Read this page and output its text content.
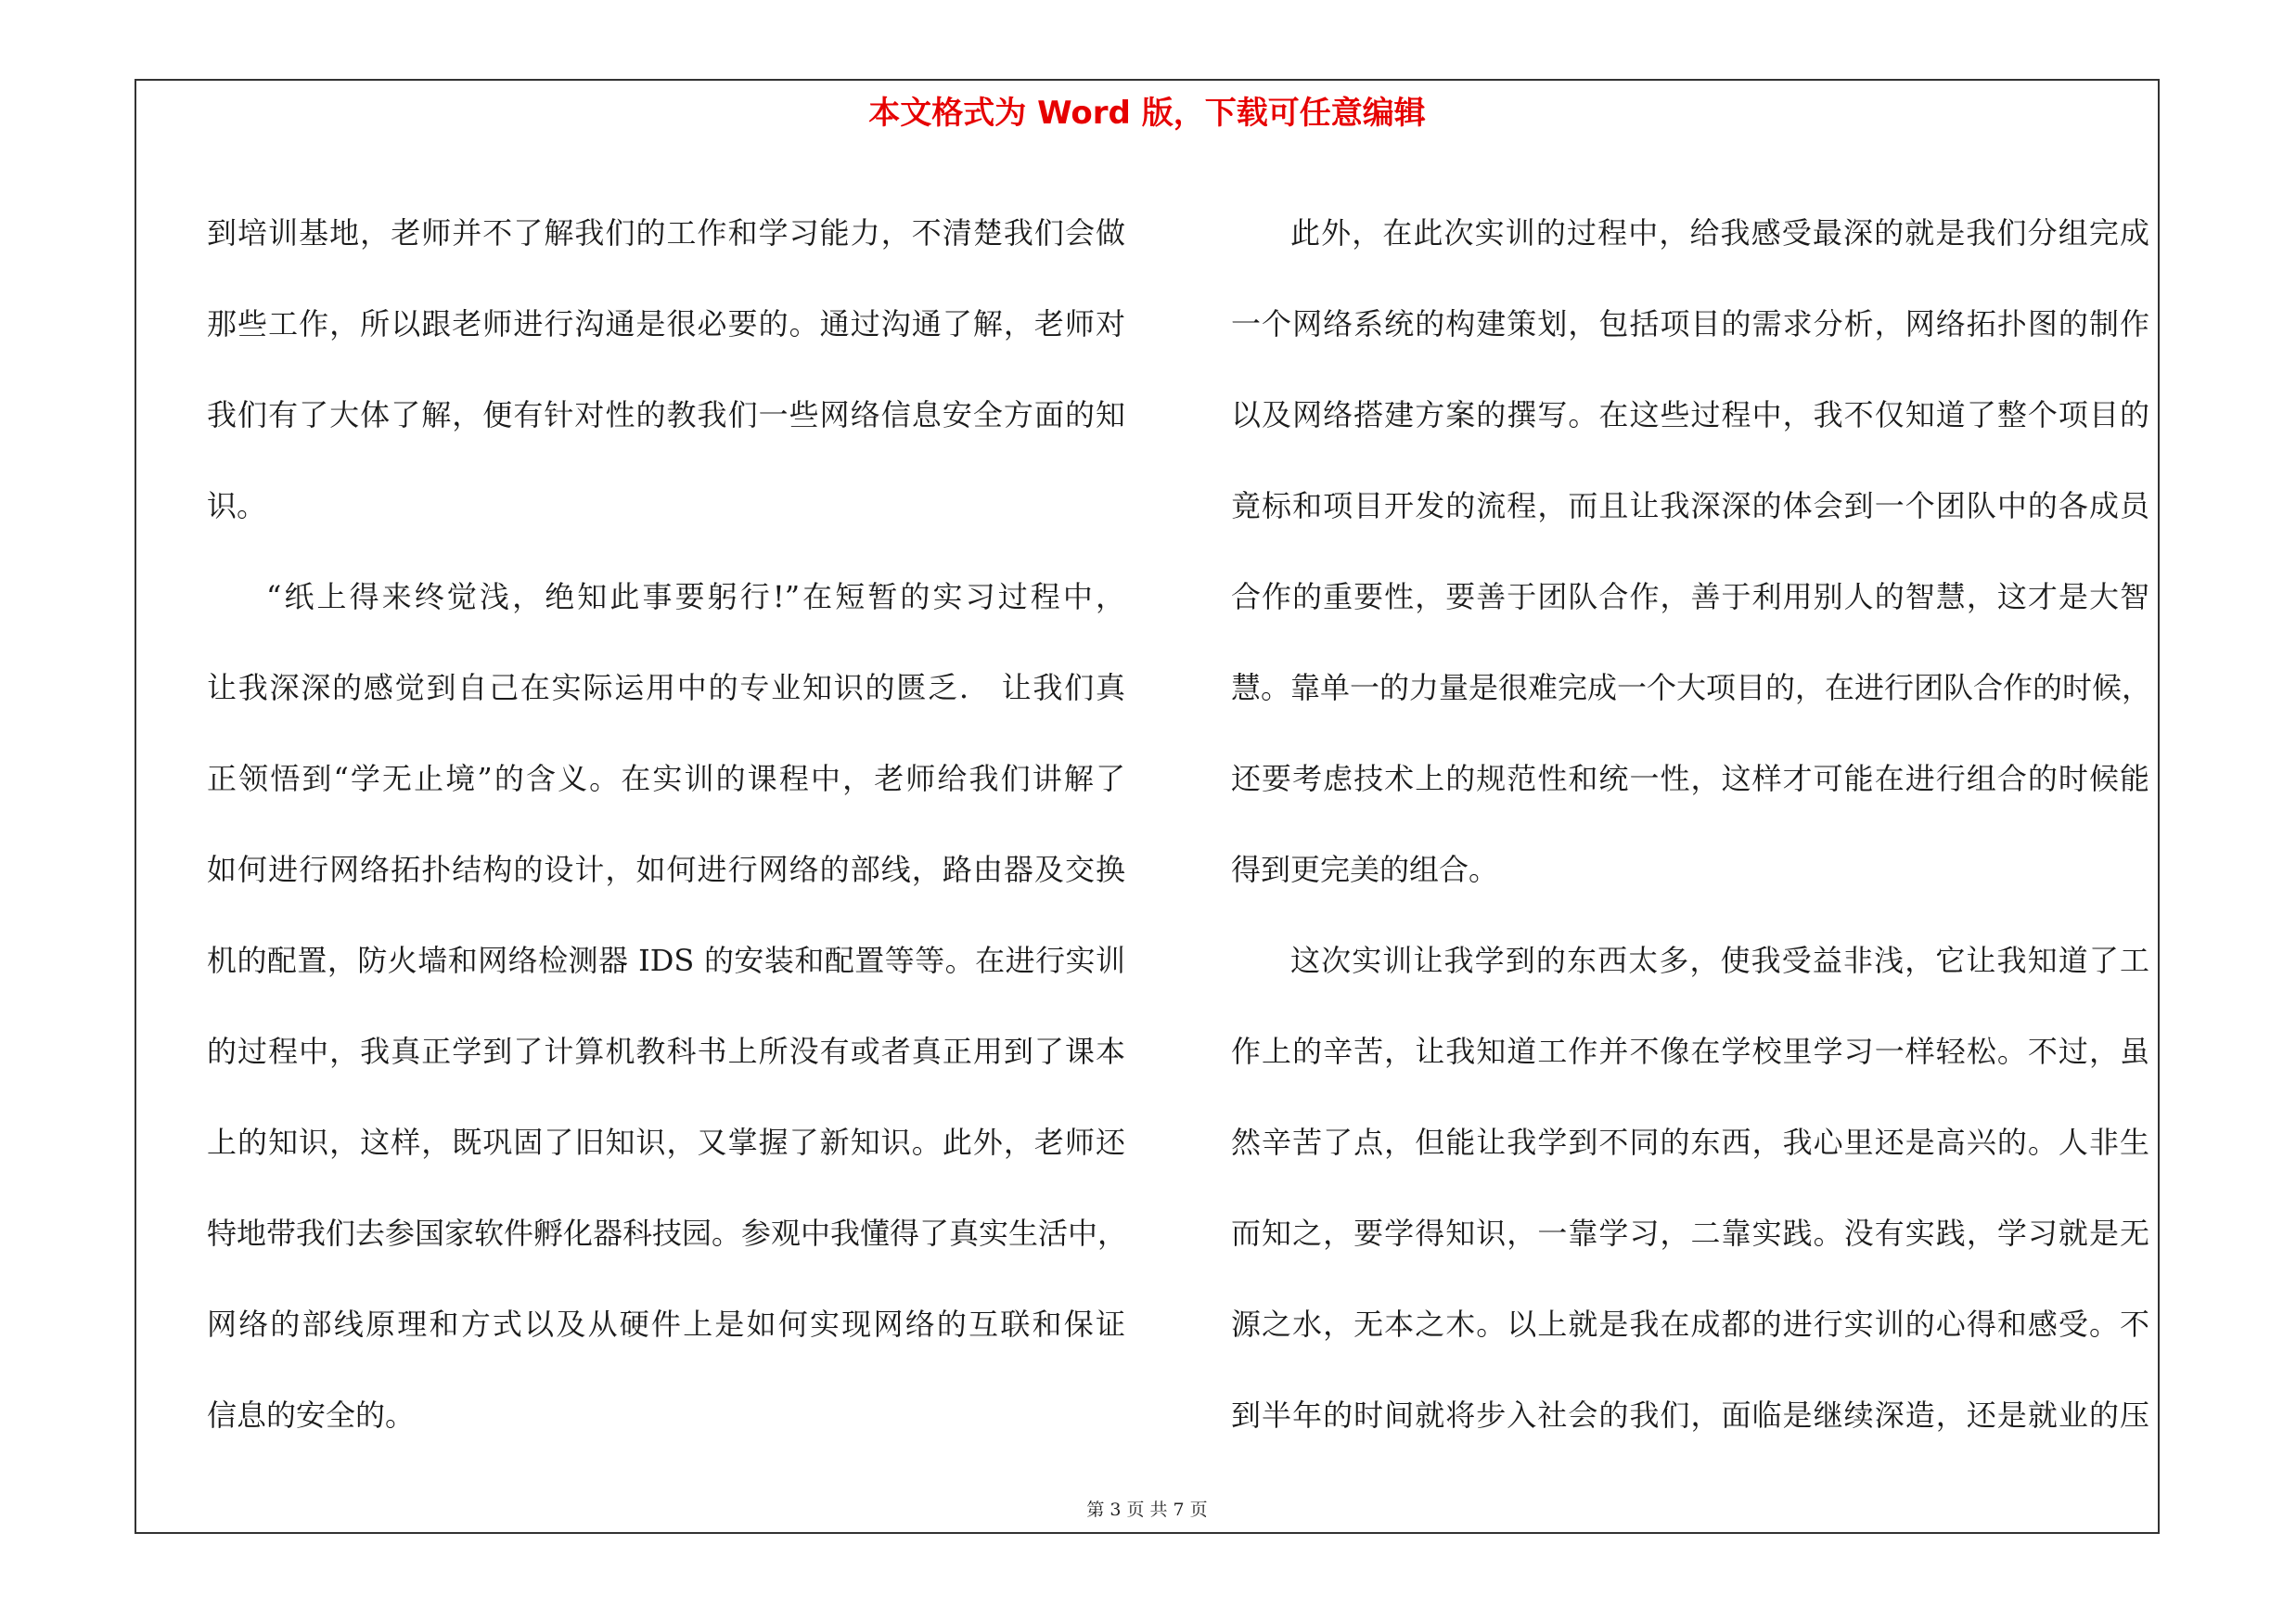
本文格式为 Word 版，下载可任意编辑
到培训基地，老师并不了解我们的工作和学习能力，不清楚我们会做
那些工作，所以跟老师进行沟通是很必要的。通过沟通了解，老师对
我们有了大体了解，便有针对性的教我们一些网络信息安全方面的知
识。
“纸上得来终觉浅，绝知此事要躬行!”在短暂的实习过程中，
让我深深的感觉到自己在实际运用中的专业知识的匮乏.　让我们真
正领悟到“学无止境”的含义。在实训的课程中，老师给我们讲解了
如何进行网络拓扑结构的设计，如何进行网络的部线，路由器及交换
机的配置，防火墙和网络检测器 IDS 的安装和配置等等。在进行实训
的过程中，我真正学到了计算机教科书上所没有或者真正用到了课本
上的知识，这样，既巩固了旧知识，又掌握了新知识。此外，老师还
特地带我们去参国家软件孵化器科技园。参观中我懂得了真实生活中，
网络的部线原理和方式以及从硬件上是如何实现网络的互联和保证
信息的安全的。
此外，在此次实训的过程中，给我感受最深的就是我们分组完成
一个网络系统的构建策划，包括项目的需求分析，网络拓扑图的制作
以及网络搭建方案的撰写。在这些过程中，我不仅知道了整个项目的
竟标和项目开发的流程，而且让我深深的体会到一个团队中的各成员
合作的重要性，要善于团队合作，善于利用别人的智慧，这才是大智
慧。靠单一的力量是很难完成一个大项目的，在进行团队合作的时候，
还要考虑技术上的规范性和统一性，这样才可能在进行组合的时候能
得到更完美的组合。
这次实训让我学到的东西太多，使我受益非浅，它让我知道了工
作上的辛苦，让我知道工作并不像在学校里学习一样轻松。不过，虽
然辛苦了点，但能让我学到不同的东西，我心里还是高兴的。人非生
而知之，要学得知识，一靠学习，二靠实践。没有实践，学习就是无
源之水，无本之木。以上就是我在成都的进行实训的心得和感受。不
到半年的时间就将步入社会的我们，面临是继续深造，还是就业的压
第 3 页 共 7 页
